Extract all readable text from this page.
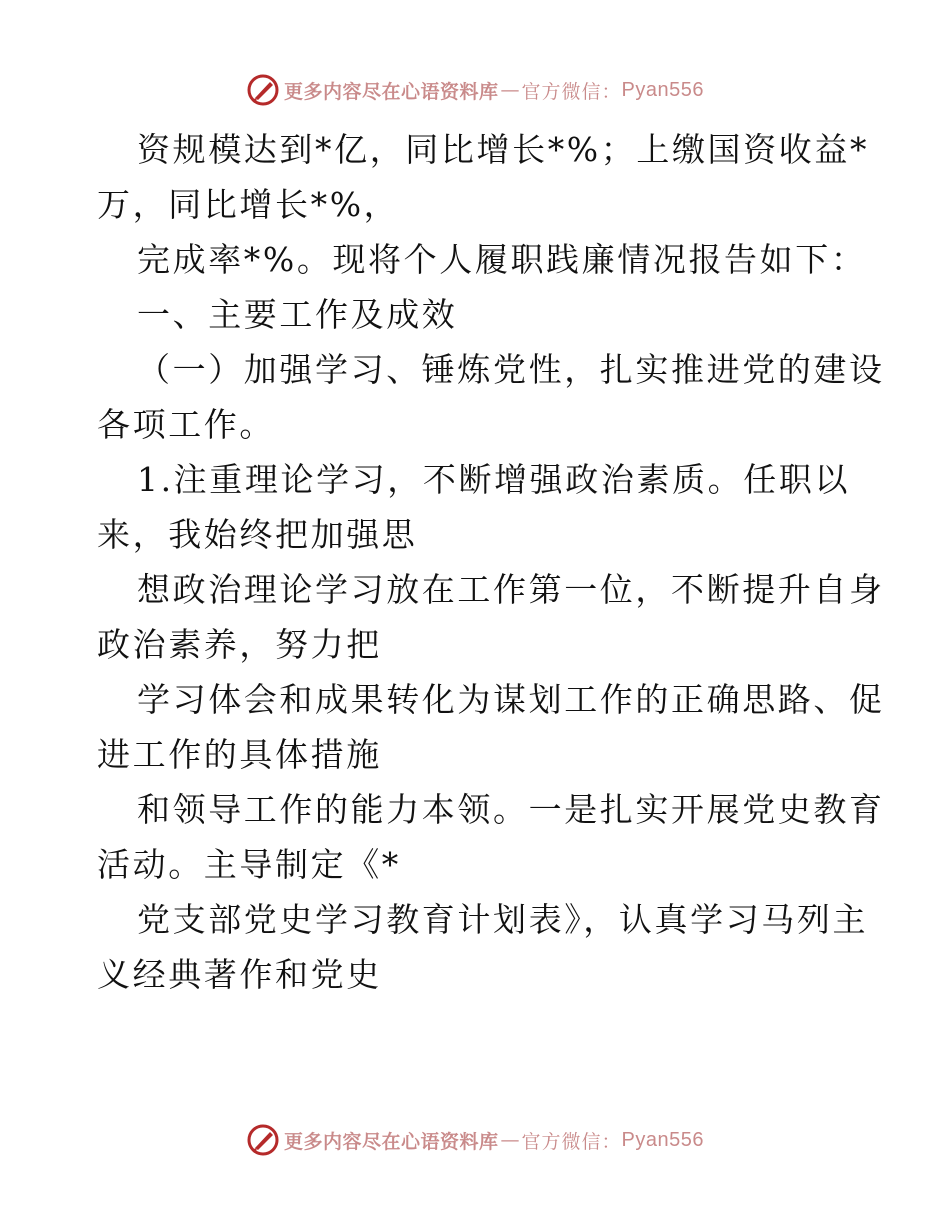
更多内容尽在心语资料库 — 官方微信： Pyan556

资规模达到*亿，同比增长*%；上缴国资收益*

万，同比增长*%，

完成率*%。现将个人履职践廉情况报告如下：

一、主要工作及成效

（一）加强学习、锤炼党性，扎实推进党的建设

各项工作。

1.注重理论学习，不断增强政治素质。任职以

来，我始终把加强思

想政治理论学习放在工作第一位，不断提升自身

政治素养，努力把

学习体会和成果转化为谋划工作的正确思路、促

进工作的具体措施

和领导工作的能力本领。一是扎实开展党史教育

活动。主导制定《*

党支部党史学习教育计划表》，认真学习马列主

义经典著作和党史

更多内容尽在心语资料库 — 官方微信： Pyan556
